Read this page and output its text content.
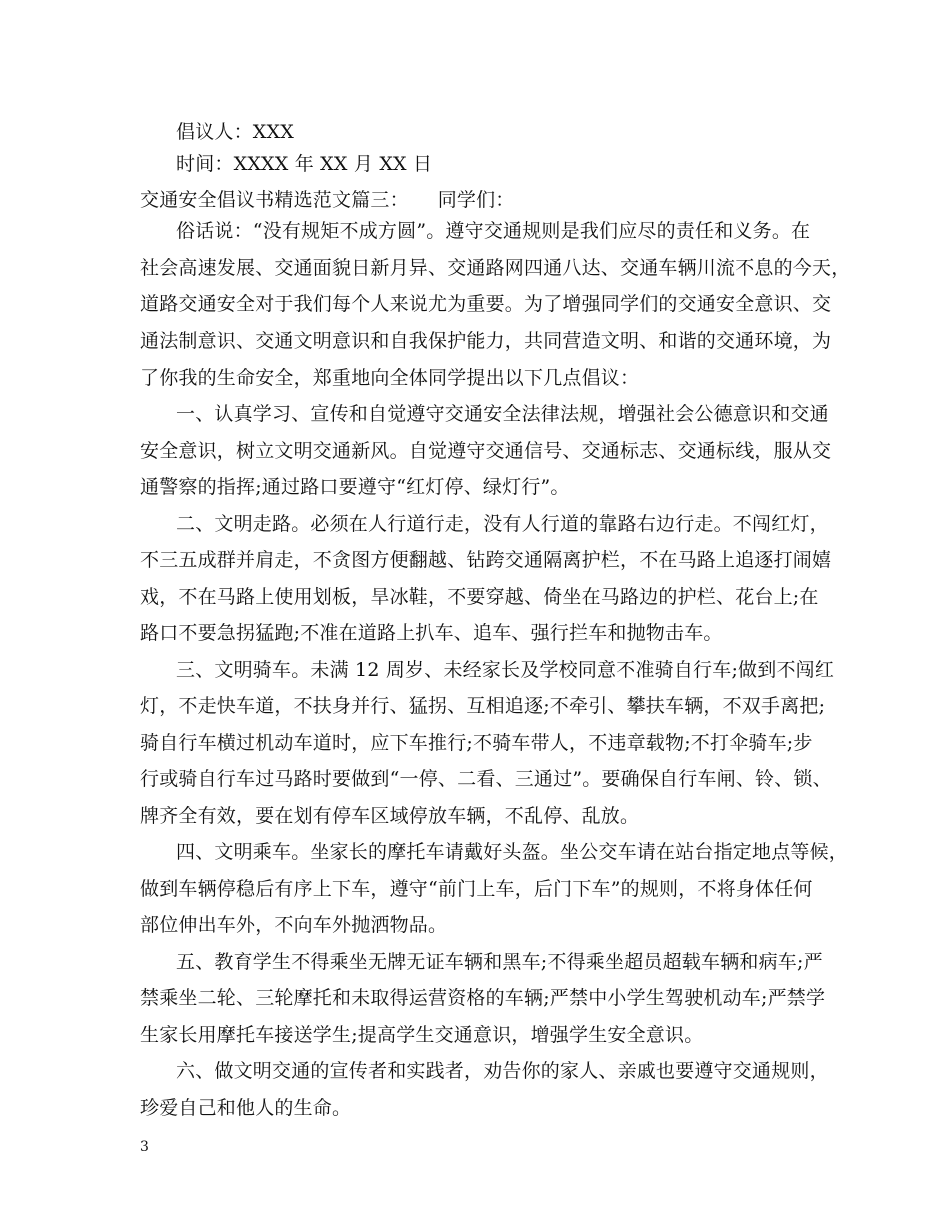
倡议人：XXX
时间：XXXX 年 XX 月 XX 日
交通安全倡议书精选范文篇三：　　同学们：
俗话说：“没有规矩不成方圆”。遵守交通规则是我们应尽的责任和义务。在
社会高速发展、交通面貌日新月异、交通路网四通八达、交通车辆川流不息的今天，
道路交通安全对于我们每个人来说尤为重要。为了增强同学们的交通安全意识、交
通法制意识、交通文明意识和自我保护能力，共同营造文明、和谐的交通环境，为
了你我的生命安全，郑重地向全体同学提出以下几点倡议：
一、认真学习、宣传和自觉遵守交通安全法律法规，增强社会公德意识和交通
安全意识，树立文明交通新风。自觉遵守交通信号、交通标志、交通标线，服从交
通警察的指挥;通过路口要遵守“红灯停、绿灯行”。
二、文明走路。必须在人行道行走，没有人行道的靠路右边行走。不闯红灯，
不三五成群并肩走，不贪图方便翻越、钻跨交通隔离护栏，不在马路上追逐打闹嬉
戏，不在马路上使用划板，旱冰鞋，不要穿越、倚坐在马路边的护栏、花台上;在
路口不要急拐猛跑;不准在道路上扒车、追车、强行拦车和抛物击车。
三、文明骑车。未满 12 周岁、未经家长及学校同意不准骑自行车;做到不闯红
灯，不走快车道，不扶身并行、猛拐、互相追逐;不牵引、攀扶车辆，不双手离把;
骑自行车横过机动车道时，应下车推行;不骑车带人，不违章载物;不打伞骑车;步
行或骑自行车过马路时要做到“一停、二看、三通过”。要确保自行车闸、铃、锁、
牌齐全有效，要在划有停车区域停放车辆，不乱停、乱放。
四、文明乘车。坐家长的摩托车请戴好头盔。坐公交车请在站台指定地点等候，
做到车辆停稳后有序上下车，遵守“前门上车，后门下车”的规则，不将身体任何
部位伸出车外，不向车外抛洒物品。
五、教育学生不得乘坐无牌无证车辆和黑车;不得乘坐超员超载车辆和病车;严
禁乘坐二轮、三轮摩托和未取得运营资格的车辆;严禁中小学生驾驶机动车;严禁学
生家长用摩托车接送学生;提高学生交通意识，增强学生安全意识。
六、做文明交通的宣传者和实践者，劝告你的家人、亲戚也要遵守交通规则，
珍爱自己和他人的生命。
3
